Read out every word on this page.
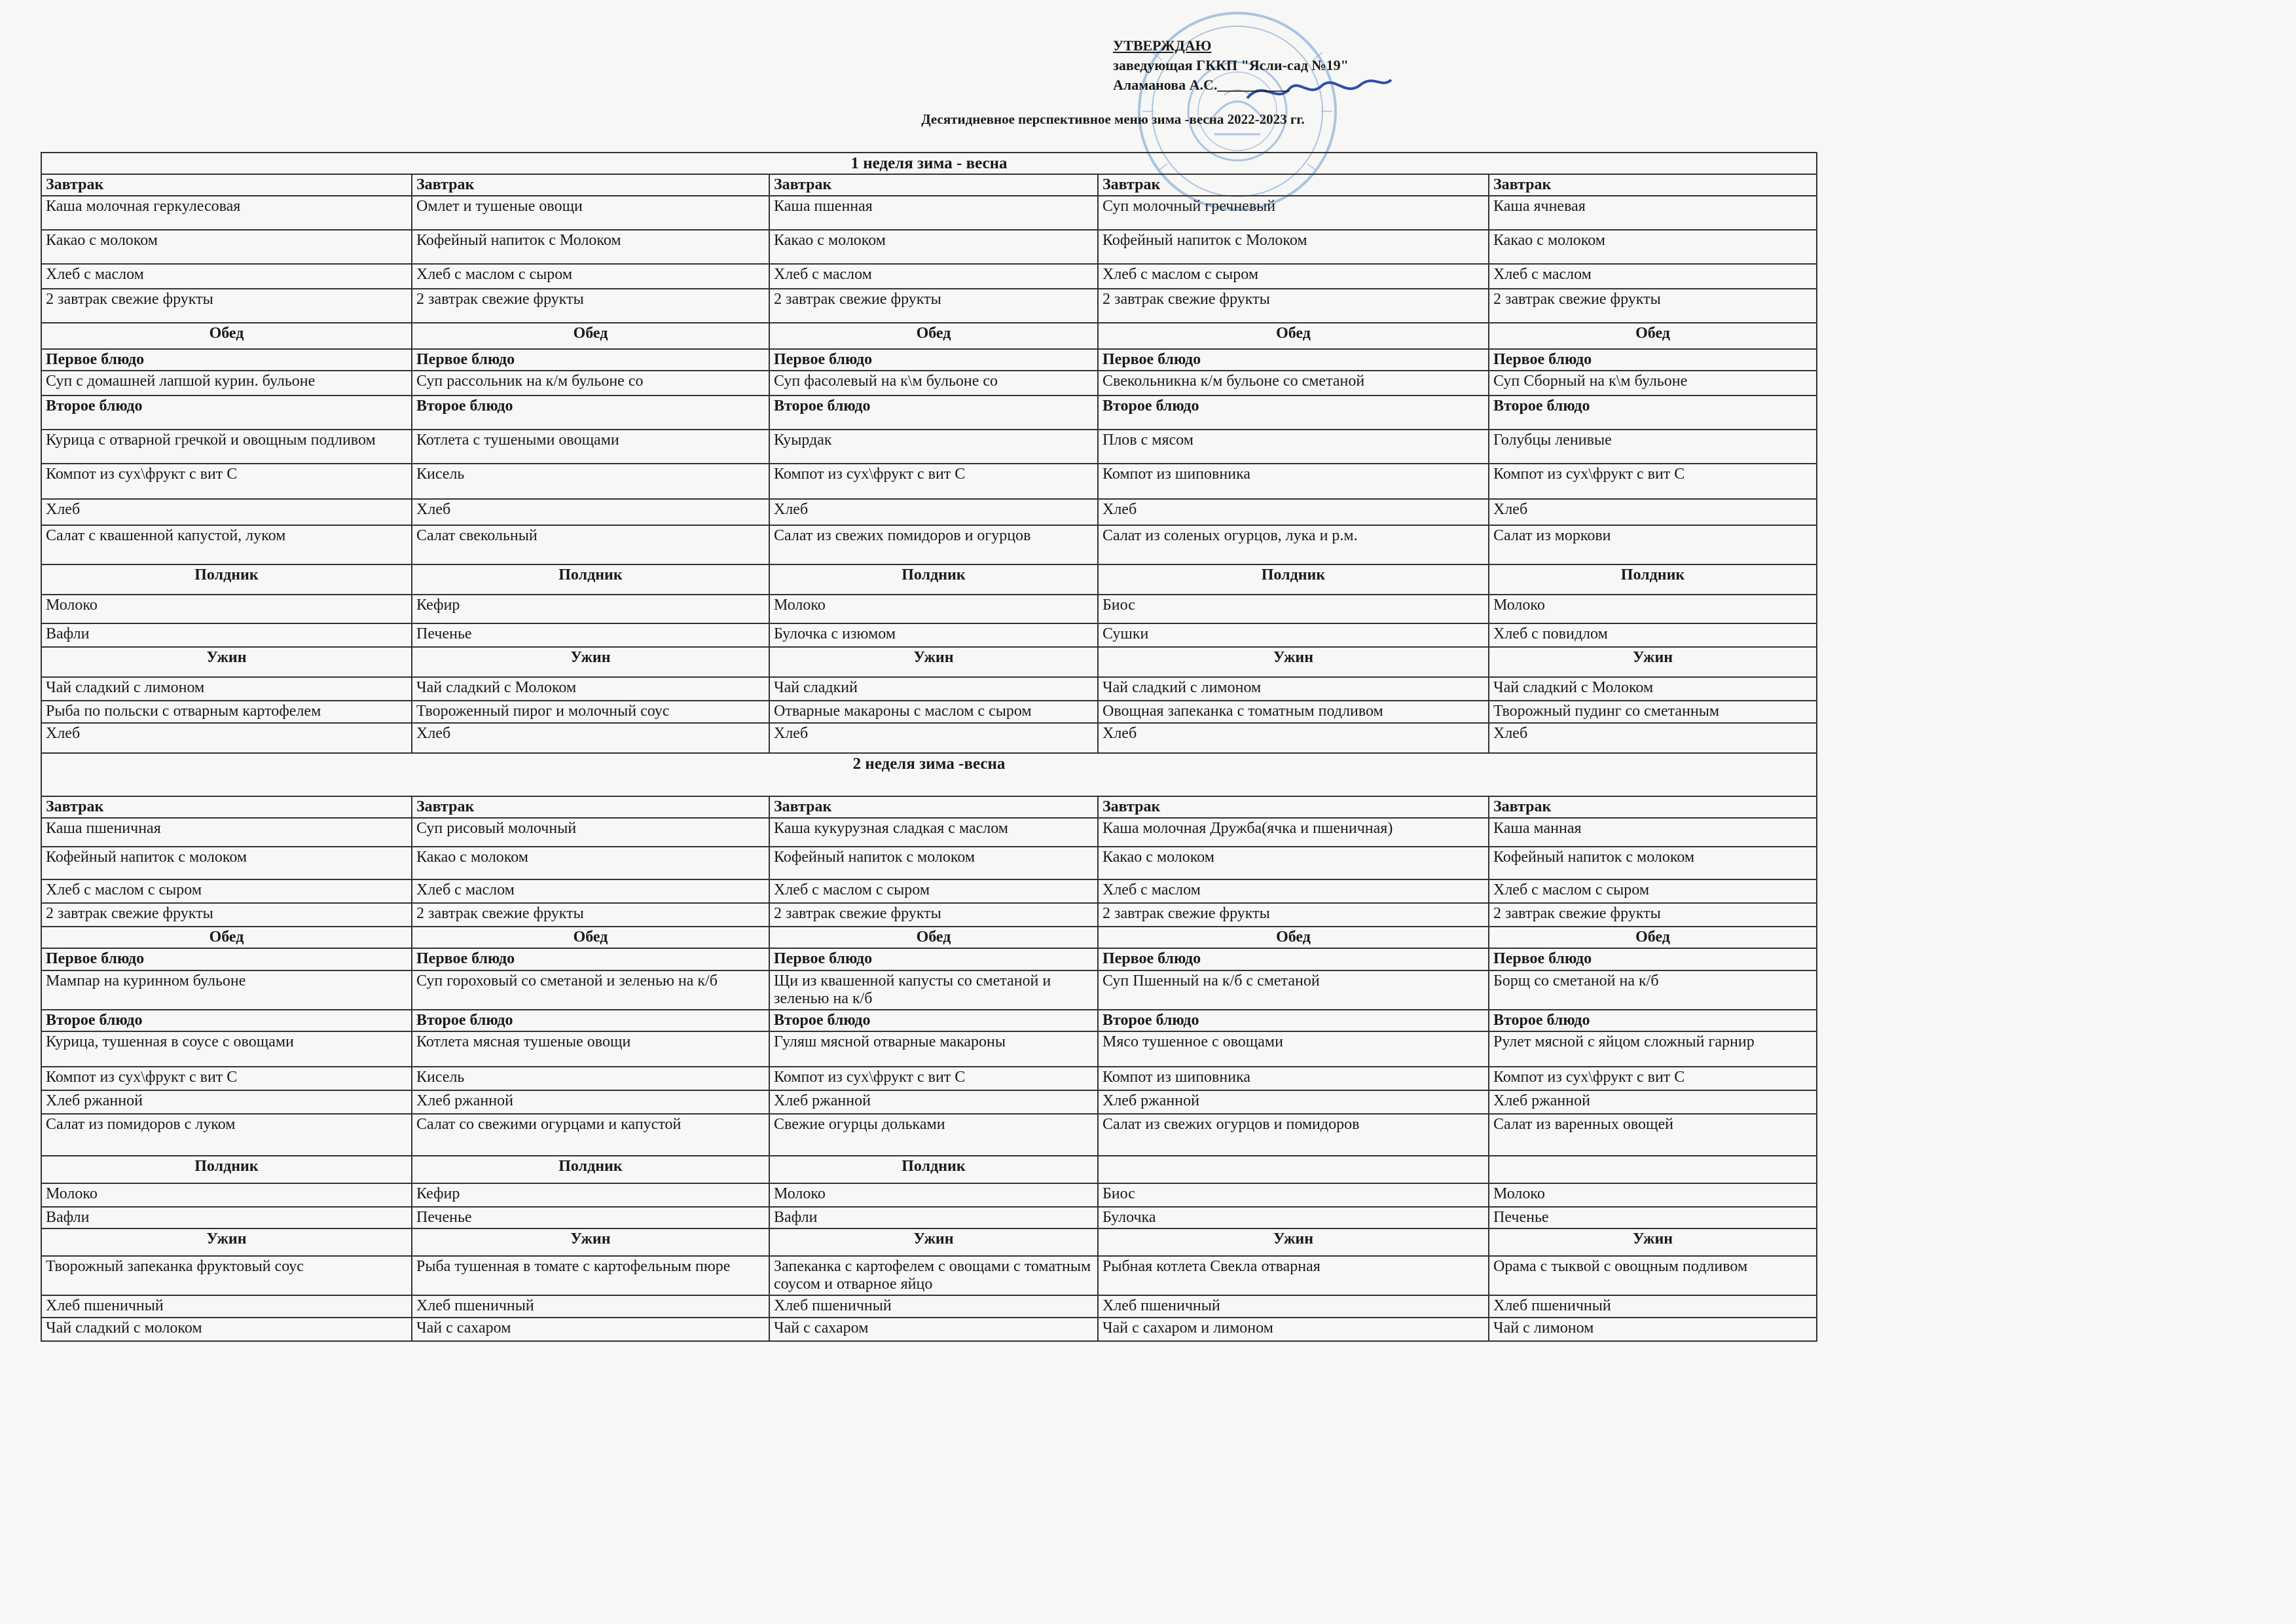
УТВЕРЖДАЮ
заведующая ГККП "Ясли-сад №19"
Аламанова А.С.__________
Десятидневное перспективное меню зима -весна 2022-2023 гг.
1 неделя зима - весна				
Завтрак	Завтрак	Завтрак	Завтрак	Завтрак
Каша молочная геркулесовая	Омлет и тушеные овощи	Каша пшенная	Суп молочный гречневый	Каша ячневая
Какао с молоком	Кофейный напиток с Молоком	Какао с молоком	Кофейный напиток с Молоком	Какао с молоком
Хлеб с маслом	Хлеб с маслом с сыром	Хлеб с маслом	Хлеб с маслом с сыром	Хлеб с маслом
2 завтрак свежие фрукты	2 завтрак свежие фрукты	2 завтрак свежие фрукты	2 завтрак свежие фрукты	2 завтрак свежие фрукты
Обед	Обед	Обед	Обед	Обед
Первое блюдо	Первое блюдо	Первое блюдо	Первое блюдо	Первое блюдо
Суп с домашней лапшой курин. бульоне	Суп рассольник на к/м бульоне со	Суп фасолевый на к\м бульоне со	Свекольникна к/м бульоне со сметаной	Суп Сборный на к\м бульоне
Второе блюдо	Второе блюдо	Второе блюдо	Второе блюдо	Второе блюдо
Курица с отварной гречкой и овощным подливом	Котлета с тушеными овощами	Куырдак	Плов с мясом	Голубцы ленивые
Компот из сух\фрукт с вит С	Кисель	Компот из сух\фрукт с вит С	Компот из шиповника	Компот из сух\фрукт с вит С
Хлеб	Хлеб	Хлеб	Хлеб	Хлеб
Салат с квашенной капустой, луком	Салат свекольный	Салат из свежих помидоров и огурцов	Салат из соленых огурцов, лука и р.м.	Салат из моркови
Полдник	Полдник	Полдник	Полдник	Полдник
Молоко	Кефир	Молоко	Биос	Молоко
Вафли	Печенье	Булочка с изюмом	Сушки	Хлеб с повидлом
Ужин	Ужин	Ужин	Ужин	Ужин
Чай сладкий с лимоном	Чай сладкий с Молоком	Чай сладкий	Чай сладкий с лимоном	Чай сладкий с Молоком
Рыба по польски с отварным картофелем	Твороженный пирог и молочный соус	Отварные макароны с маслом с сыром	Овощная запеканка с томатным подливом	Творожный пудинг со сметанным
Хлеб	Хлеб	Хлеб	Хлеб	Хлеб
2 неделя зима -весна				
Завтрак	Завтрак	Завтрак	Завтрак	Завтрак
Каша пшеничная	Суп рисовый молочный	Каша кукурузная сладкая с маслом	Каша молочная Дружба(ячка и пшеничная)	Каша манная
Кофейный напиток с молоком	Какао с молоком	Кофейный напиток с молоком	Какао с молоком	Кофейный напиток с молоком
Хлеб с маслом с сыром	Хлеб с маслом	Хлеб с маслом с сыром	Хлеб с маслом	Хлеб с маслом с сыром
2 завтрак свежие фрукты	2 завтрак свежие фрукты	2 завтрак свежие фрукты	2 завтрак свежие фрукты	2 завтрак свежие фрукты
Обед	Обед	Обед	Обед	Обед
Первое блюдо	Первое блюдо	Первое блюдо	Первое блюдо	Первое блюдо
Мампар на куринном бульоне	Суп гороховый со сметаной и зеленью на к/б	Щи из квашенной капусты со сметаной и зеленью на к/б	Суп Пшенный на к/б с сметаной	Борщ со сметаной на к/б
Второе блюдо	Второе блюдо	Второе блюдо	Второе блюдо	Второе блюдо
Курица, тушенная в соусе с овощами	Котлета мясная тушеные овощи	Гуляш мясной отварные макароны	Мясо тушенное с овощами	Рулет мясной с яйцом сложный гарнир
Компот из сух\фрукт с вит С	Кисель	Компот из сух\фрукт с вит С	Компот из шиповника	Компот из сух\фрукт с вит С
Хлеб ржанной	Хлеб ржанной	Хлеб ржанной	Хлеб ржанной	Хлеб ржанной
Салат из помидоров с луком	Салат со свежими огурцами и капустой	Свежие огурцы дольками	Салат из свежих огурцов и помидоров	Салат из варенных овощей
Полдник	Полдник	Полдник		
Молоко	Кефир	Молоко	Биос	Молоко
Вафли	Печенье	Вафли	Булочка	Печенье
Ужин	Ужин	Ужин	Ужин	Ужин
Творожный запеканка фруктовый соус	Рыба тушенная в томате с картофельным пюре	Запеканка с картофелем с овощами с томатным соусом и отварное яйцо	Рыбная котлета Свекла отварная	Орама с тыквой с овощным подливом
Хлеб пшеничный	Хлеб пшеничный	Хлеб пшеничный	Хлеб пшеничный	Хлеб пшеничный
Чай сладкий с молоком	Чай с сахаром	Чай с сахаром	Чай с сахаром и лимоном	Чай с лимоном
